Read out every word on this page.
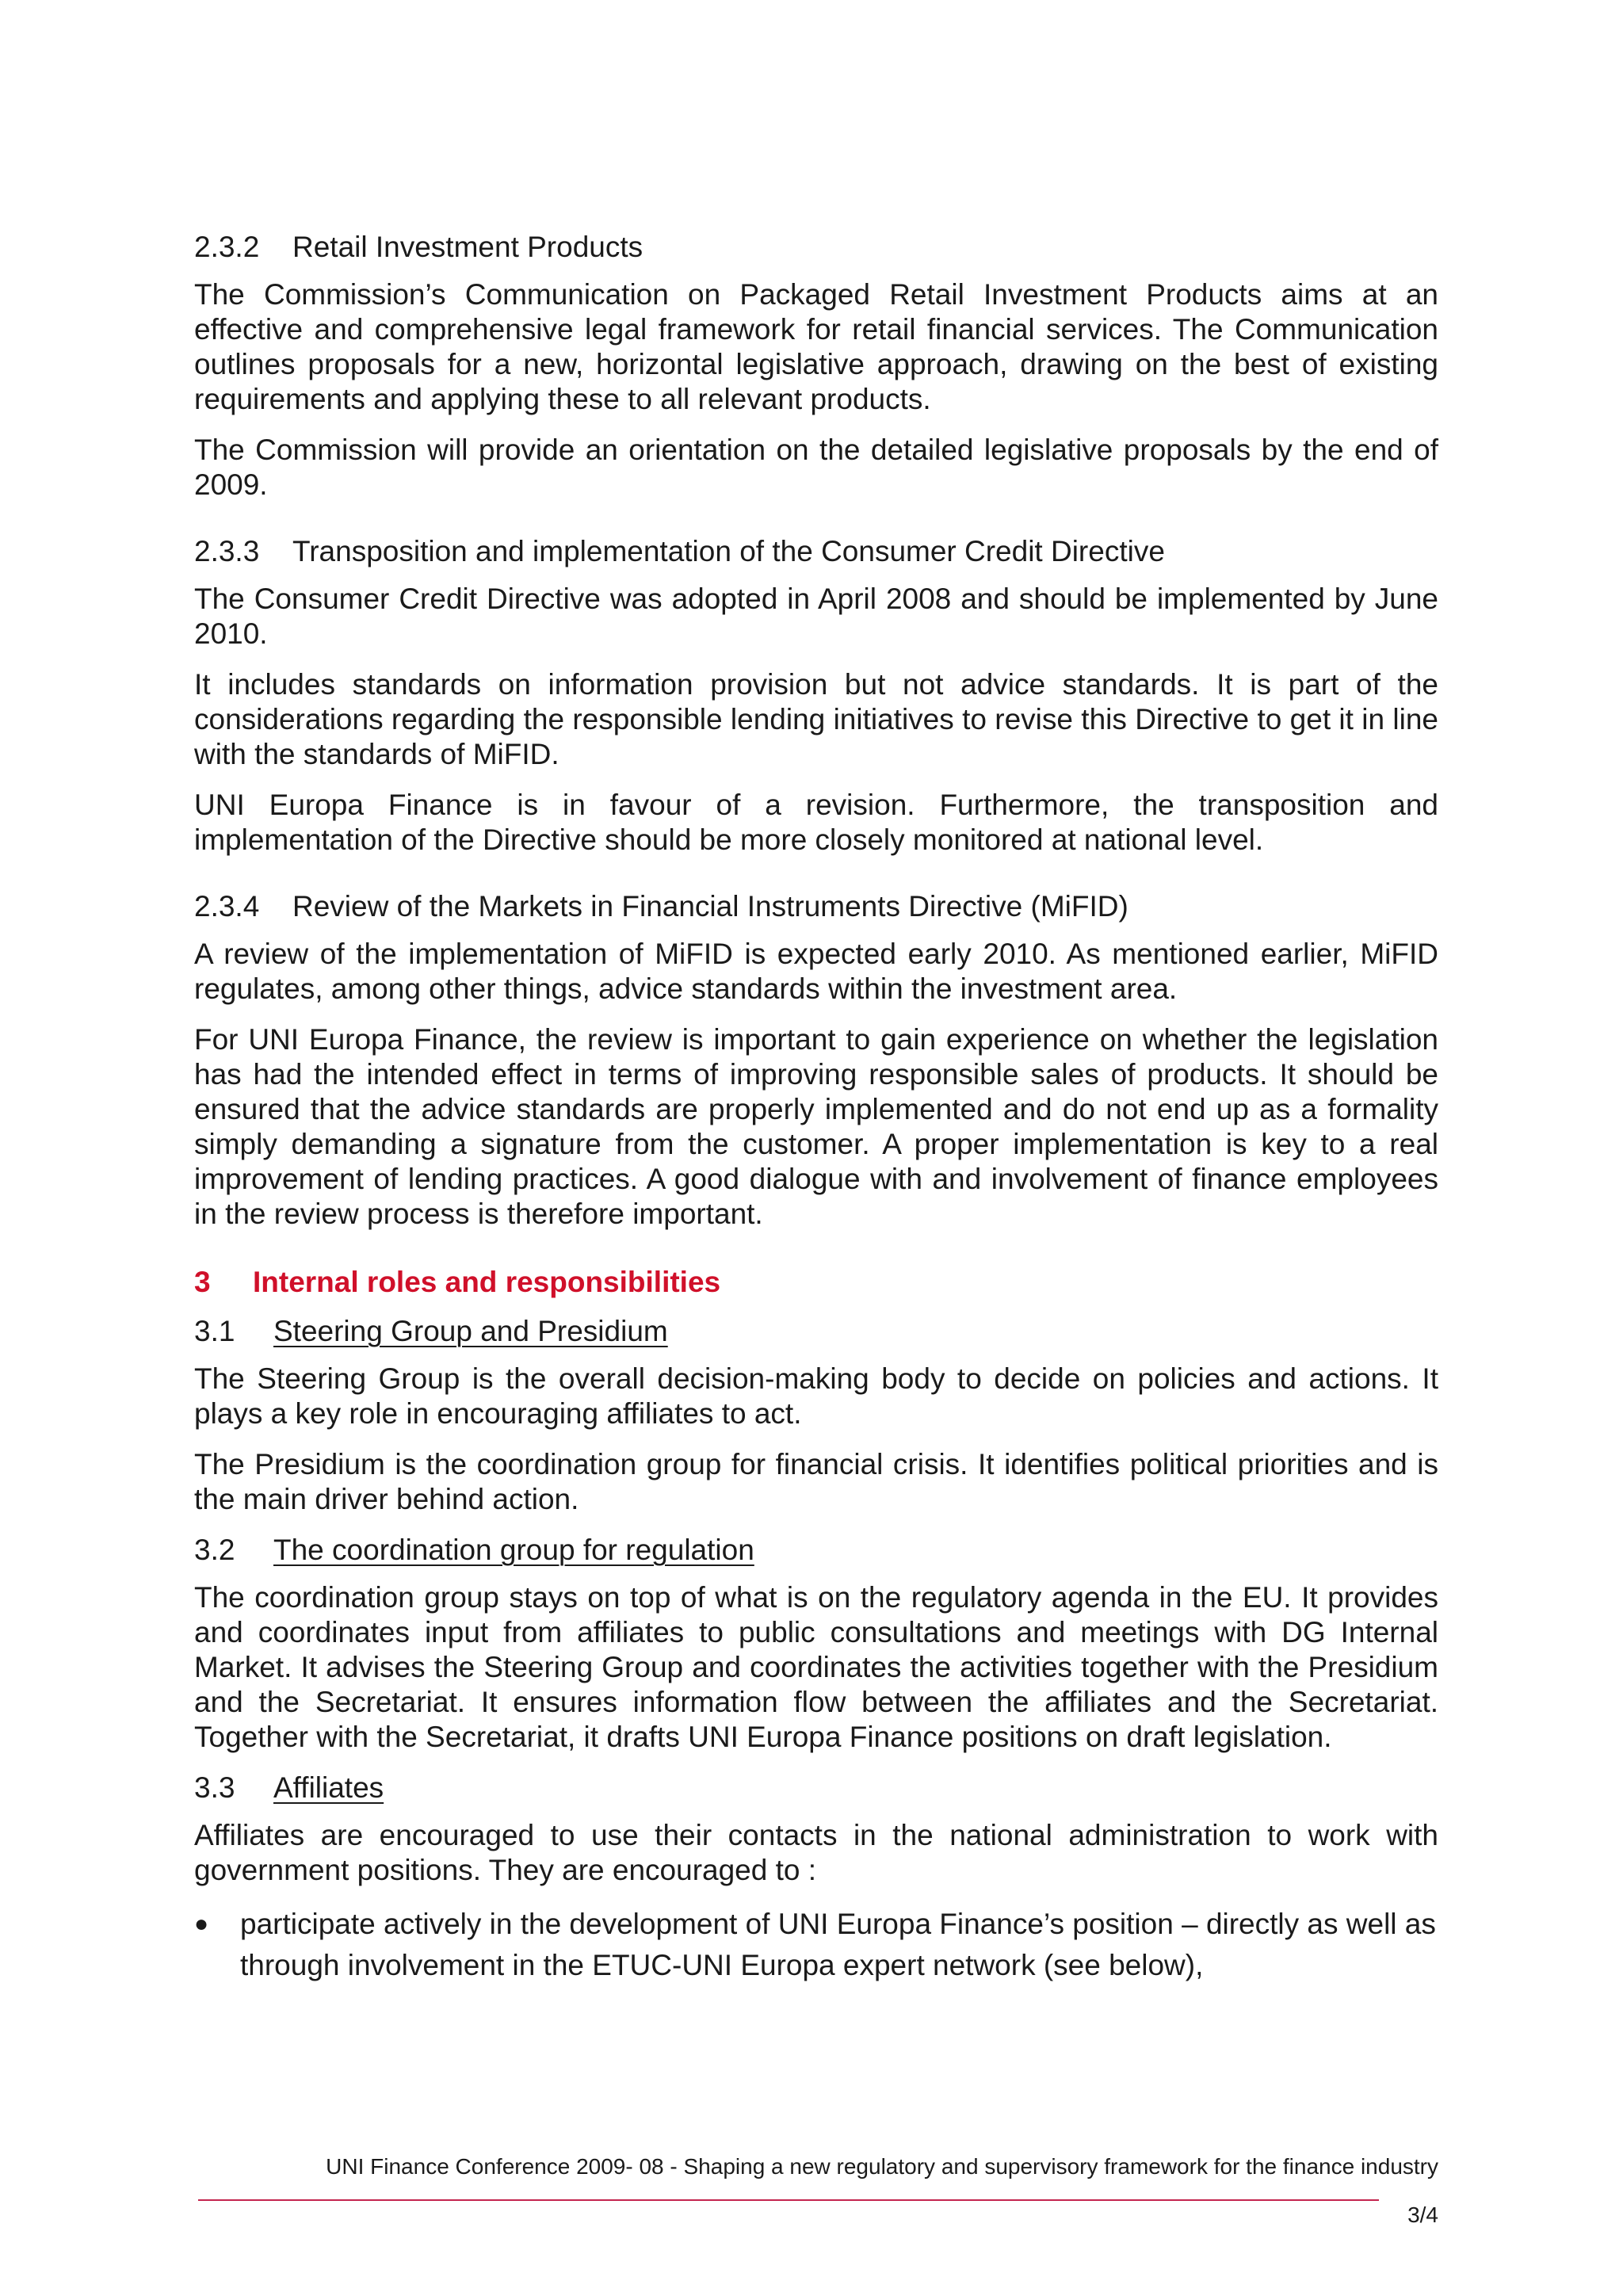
2.3.2	Retail Investment Products

The Commission’s Communication on Packaged Retail Investment Products aims at an effective and comprehensive legal framework for retail financial services. The Communication outlines proposals for a new, horizontal legislative approach, drawing on the best of existing requirements and applying these to all relevant products.

The Commission will provide an orientation on the detailed legislative proposals by the end of 2009.

2.3.3	Transposition and implementation of the Consumer Credit Directive

The Consumer Credit Directive was adopted in April 2008 and should be implemented by June 2010.

It includes standards on information provision but not advice standards. It is part of the considerations regarding the responsible lending initiatives to revise this Directive to get it in line with the standards of MiFID.

UNI Europa Finance is in favour of a revision. Furthermore, the transposition and implementation of the Directive should be more closely monitored at national level.

2.3.4	Review of the Markets in Financial Instruments Directive (MiFID)

A review of the implementation of MiFID is expected early 2010. As mentioned earlier, MiFID regulates, among other things, advice standards within the investment area.

For UNI Europa Finance, the review is important to gain experience on whether the legislation has had the intended effect in terms of improving responsible sales of products. It should be ensured that the advice standards are properly implemented and do not end up as a formality simply demanding a signature from the customer. A proper implementation is key to a real improvement of lending practices. A good dialogue with and involvement of finance employees in the review process is therefore important.

3	Internal roles and responsibilities
3.1	Steering Group and Presidium

The Steering Group is the overall decision-making body to decide on policies and actions. It plays a key role in encouraging affiliates to act.

The Presidium is the coordination group for financial crisis. It identifies political priorities and is the main driver behind action.

3.2	The coordination group for regulation

The coordination group stays on top of what is on the regulatory agenda in the EU. It provides and coordinates input from affiliates to public consultations and meetings with DG Internal Market. It advises the Steering Group and coordinates the activities together with the Presidium and the Secretariat. It ensures information flow between the affiliates and the Secretariat. Together with the Secretariat, it drafts UNI Europa Finance positions on draft legislation.

3.3	Affiliates

Affiliates are encouraged to use their contacts in the national administration to work with government positions. They are encouraged to :

●	participate actively in the development of UNI Europa Finance’s position – directly as well as through involvement in the ETUC-UNI Europa expert network (see below),
UNI Finance Conference 2009- 08 - Shaping a new regulatory and supervisory framework for the finance industry
3/4
